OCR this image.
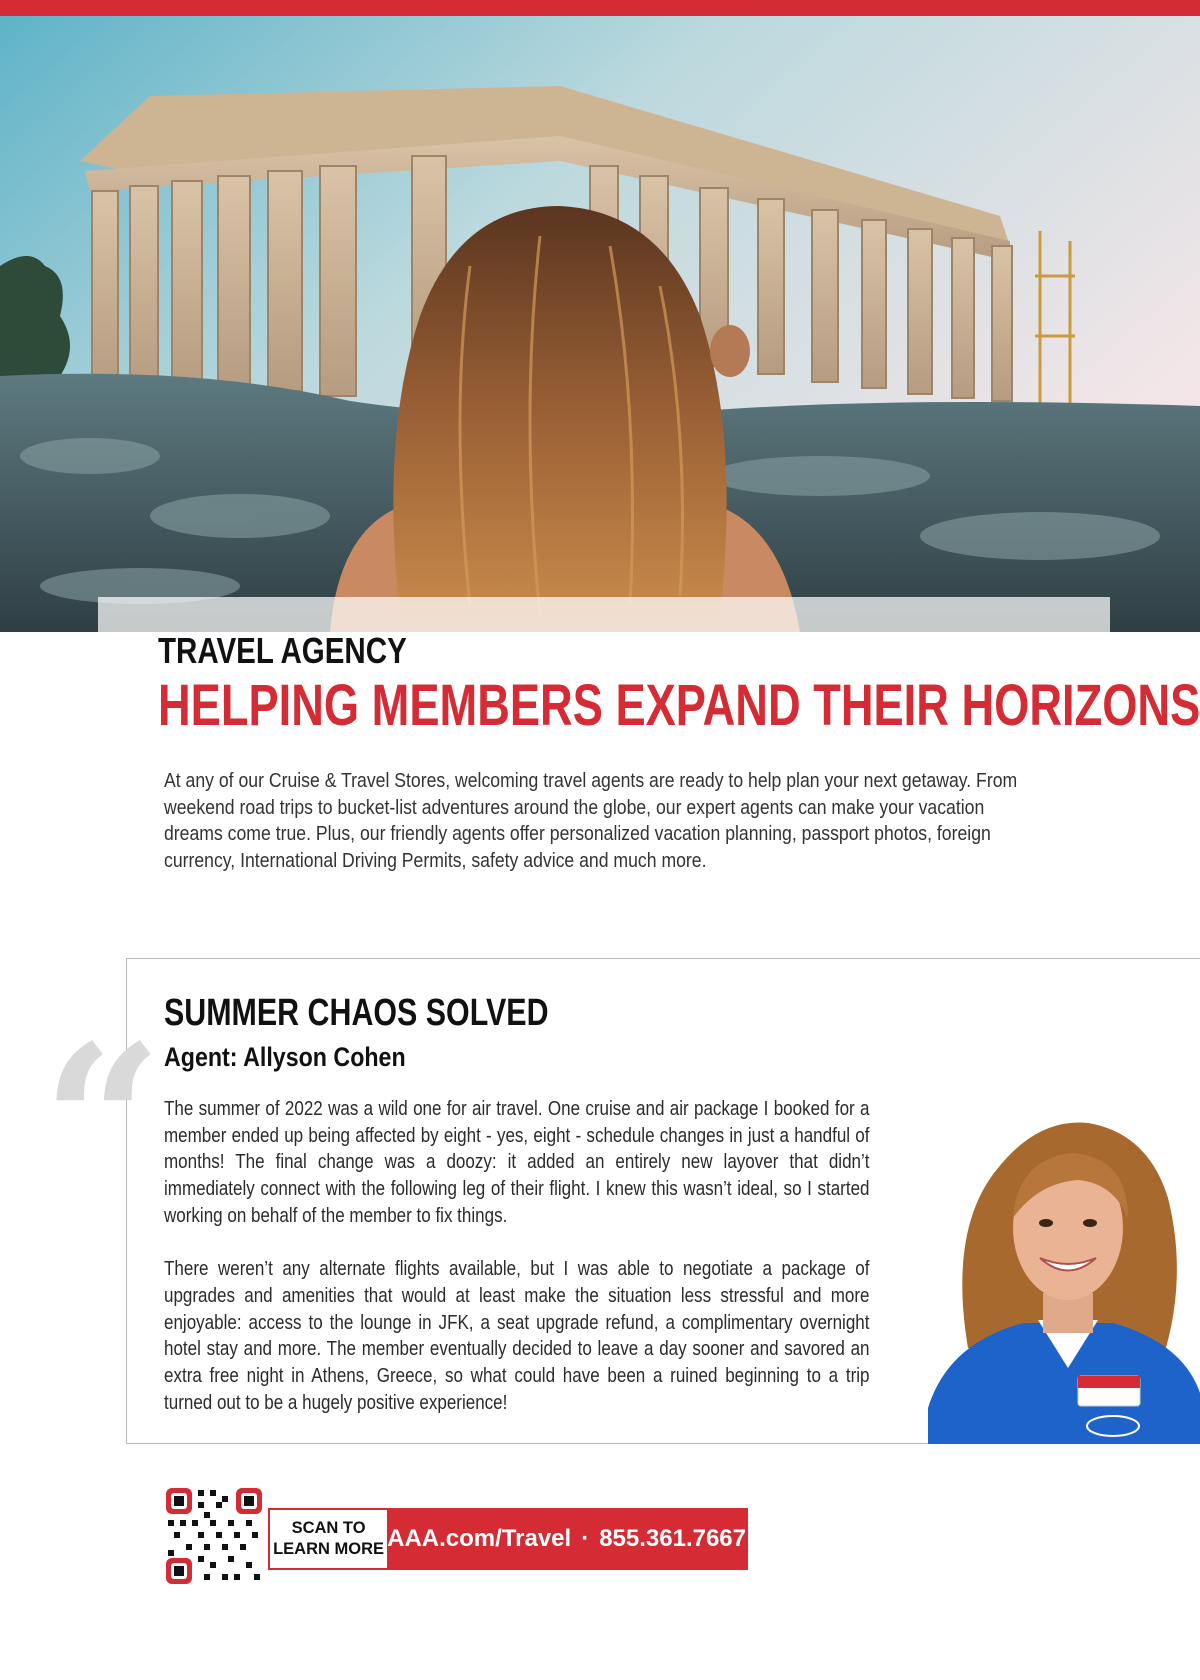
TRAVEL AGENCY
HELPING MEMBERS EXPAND THEIR HORIZONS
At any of our Cruise & Travel Stores, welcoming travel agents are ready to help plan your next getaway. From weekend road trips to bucket-list adventures around the globe, our expert agents can make your vacation dreams come true. Plus, our friendly agents offer personalized vacation planning, passport photos, foreign currency, International Driving Permits, safety advice and much more.
“ SUMMER CHAOS SOLVED
Agent: Allyson Cohen

The summer of 2022 was a wild one for air travel. One cruise and air package I booked for a member ended up being affected by eight - yes, eight - schedule changes in just a handful of months! The final change was a doozy: it added an entirely new layover that didn’t immediately connect with the following leg of their flight. I knew this wasn’t ideal, so I started working on behalf of the member to fix things.

There weren’t any alternate flights available, but I was able to negotiate a package of upgrades and amenities that would at least make the situation less stressful and more enjoyable: access to the lounge in JFK, a seat upgrade refund, a complimentary overnight hotel stay and more. The member eventually decided to leave a day sooner and savored an extra free night in Athens, Greece, so what could have been a ruined beginning to a trip turned out to be a hugely positive experience!

SCAN TO
LEARN MORE AAA.com/Travel · 855.361.7667
